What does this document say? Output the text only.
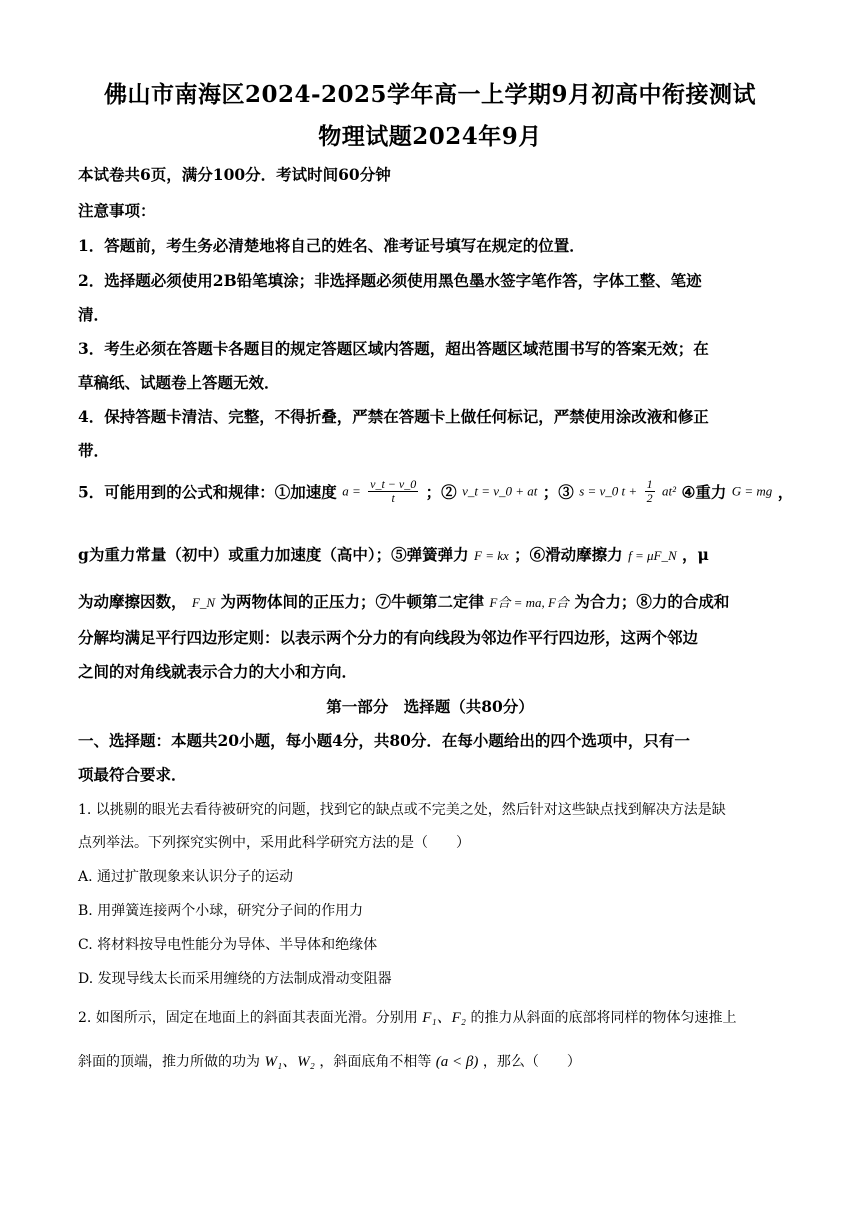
佛山市南海区2024-2025学年高一上学期9月初高中衔接测试
物理试题2024年9月
本试卷共6页，满分100分．考试时间60分钟
注意事项：
1．答题前，考生务必清楚地将自己的姓名、准考证号填写在规定的位置．
2．选择题必须使用2B铅笔填涂；非选择题必须使用黑色墨水签字笔作答，字体工整、笔迹
清．
3．考生必须在答题卡各题目的规定答题区域内答题，超出答题区域范围书写的答案无效；在
草稿纸、试题卷上答题无效．
4．保持答题卡清洁、完整，不得折叠，严禁在答题卡上做任何标记，严禁使用涂改液和修正
带．
5．可能用到的公式和规律：①加速度 $a = \frac{v\_t - v\_0}{t}$ ；② v_t = v_0 + at ；③ s = v_0 $t + \frac{1}{2} at^2$ ④重力 G = mg ，
g为重力常量（初中）或重力加速度（高中）；⑤弹簧弹力 F = kx ；⑥滑动摩擦力 f = μF_N ，μ
为动摩擦因数， F_N 为两物体间的正压力；⑦牛顿第二定律 F合 = ma, F合 为合力；⑧力的合成和
分解均满足平行四边形定则：以表示两个分力的有向线段为邻边作平行四边形，这两个邻边
之间的对角线就表示合力的大小和方向．
第一部分　选择题（共80分）
一、选择题：本题共20小题，每小题4分，共80分．在每小题给出的四个选项中，只有一
项最符合要求．
1. 以挑剔的眼光去看待被研究的问题，找到它的缺点或不完美之处，然后针对这些缺点找到解决方法是缺
点列举法。下列探究实例中，采用此科学研究方法的是（　　）
A. 通过扩散现象来认识分子的运动
B. 用弹簧连接两个小球，研究分子间的作用力
C. 将材料按导电性能分为导体、半导体和绝缘体
D. 发现导线太长而采用缠绕的方法制成滑动变阻器
2. 如图所示，固定在地面上的斜面其表面光滑。分别用 F₁、F₂ 的推力从斜面的底部将同样的物体匀速推上
斜面的顶端，推力所做的功为 W₁、W₂ ，斜面底角不相等 (a < β) ，那么（　　）
